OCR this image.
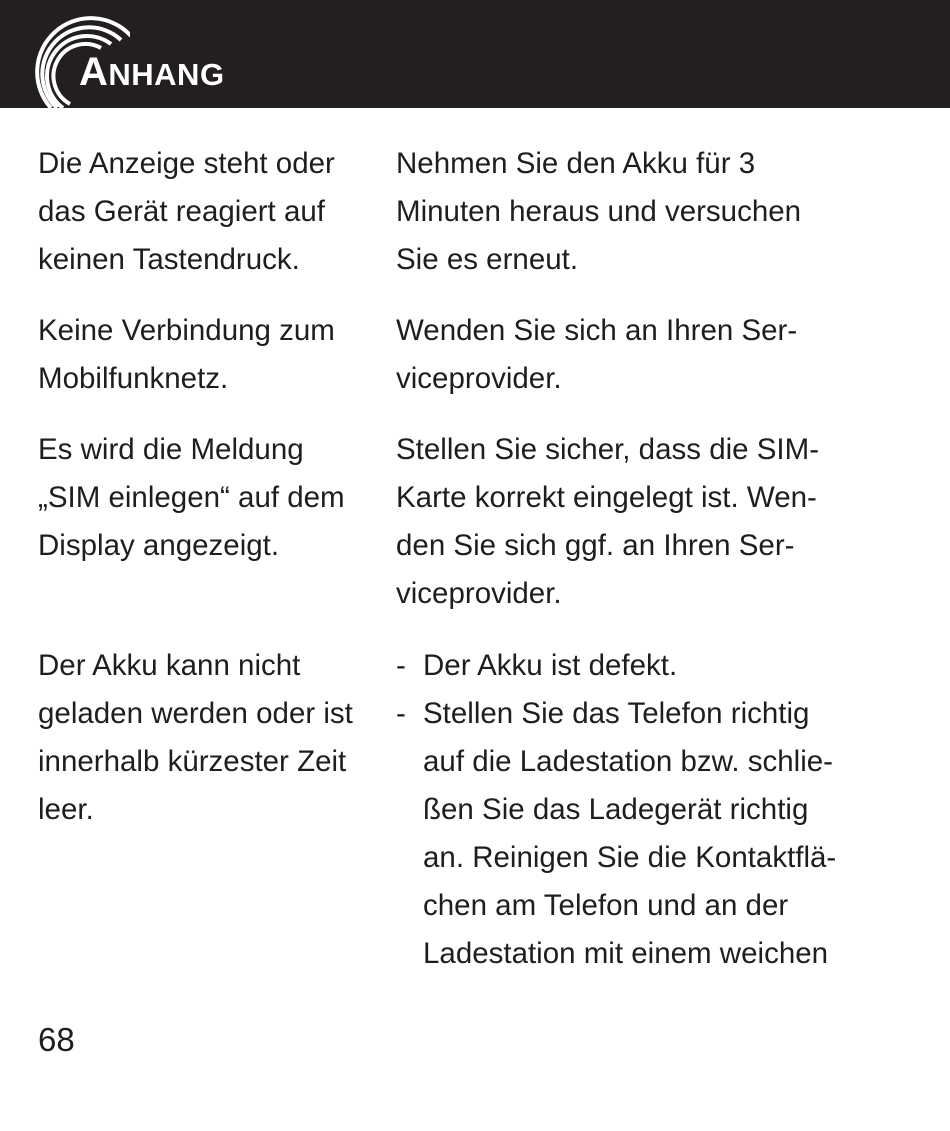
ANHANG
Die Anzeige steht oder
das Gerät reagiert auf
keinen Tastendruck.
Nehmen Sie den Akku für 3
Minuten heraus und versuchen
Sie es erneut.
Keine Verbindung zum
Mobilfunknetz.
Wenden Sie sich an Ihren Ser-
viceprovider.
Es wird die Meldung
„SIM einlegen“ auf dem
Display angezeigt.
Stellen Sie sicher, dass die SIM-
Karte korrekt eingelegt ist. Wen-
den Sie sich ggf. an Ihren Ser-
viceprovider.
Der Akku kann nicht
geladen werden oder ist
innerhalb kürzester Zeit
leer.
- Der Akku ist defekt.
- Stellen Sie das Telefon richtig
auf die Ladestation bzw. schlie-
ßen Sie das Ladegerät richtig
an. Reinigen Sie die Kontaktflä-
chen am Telefon und an der
Ladestation mit einem weichen
68
